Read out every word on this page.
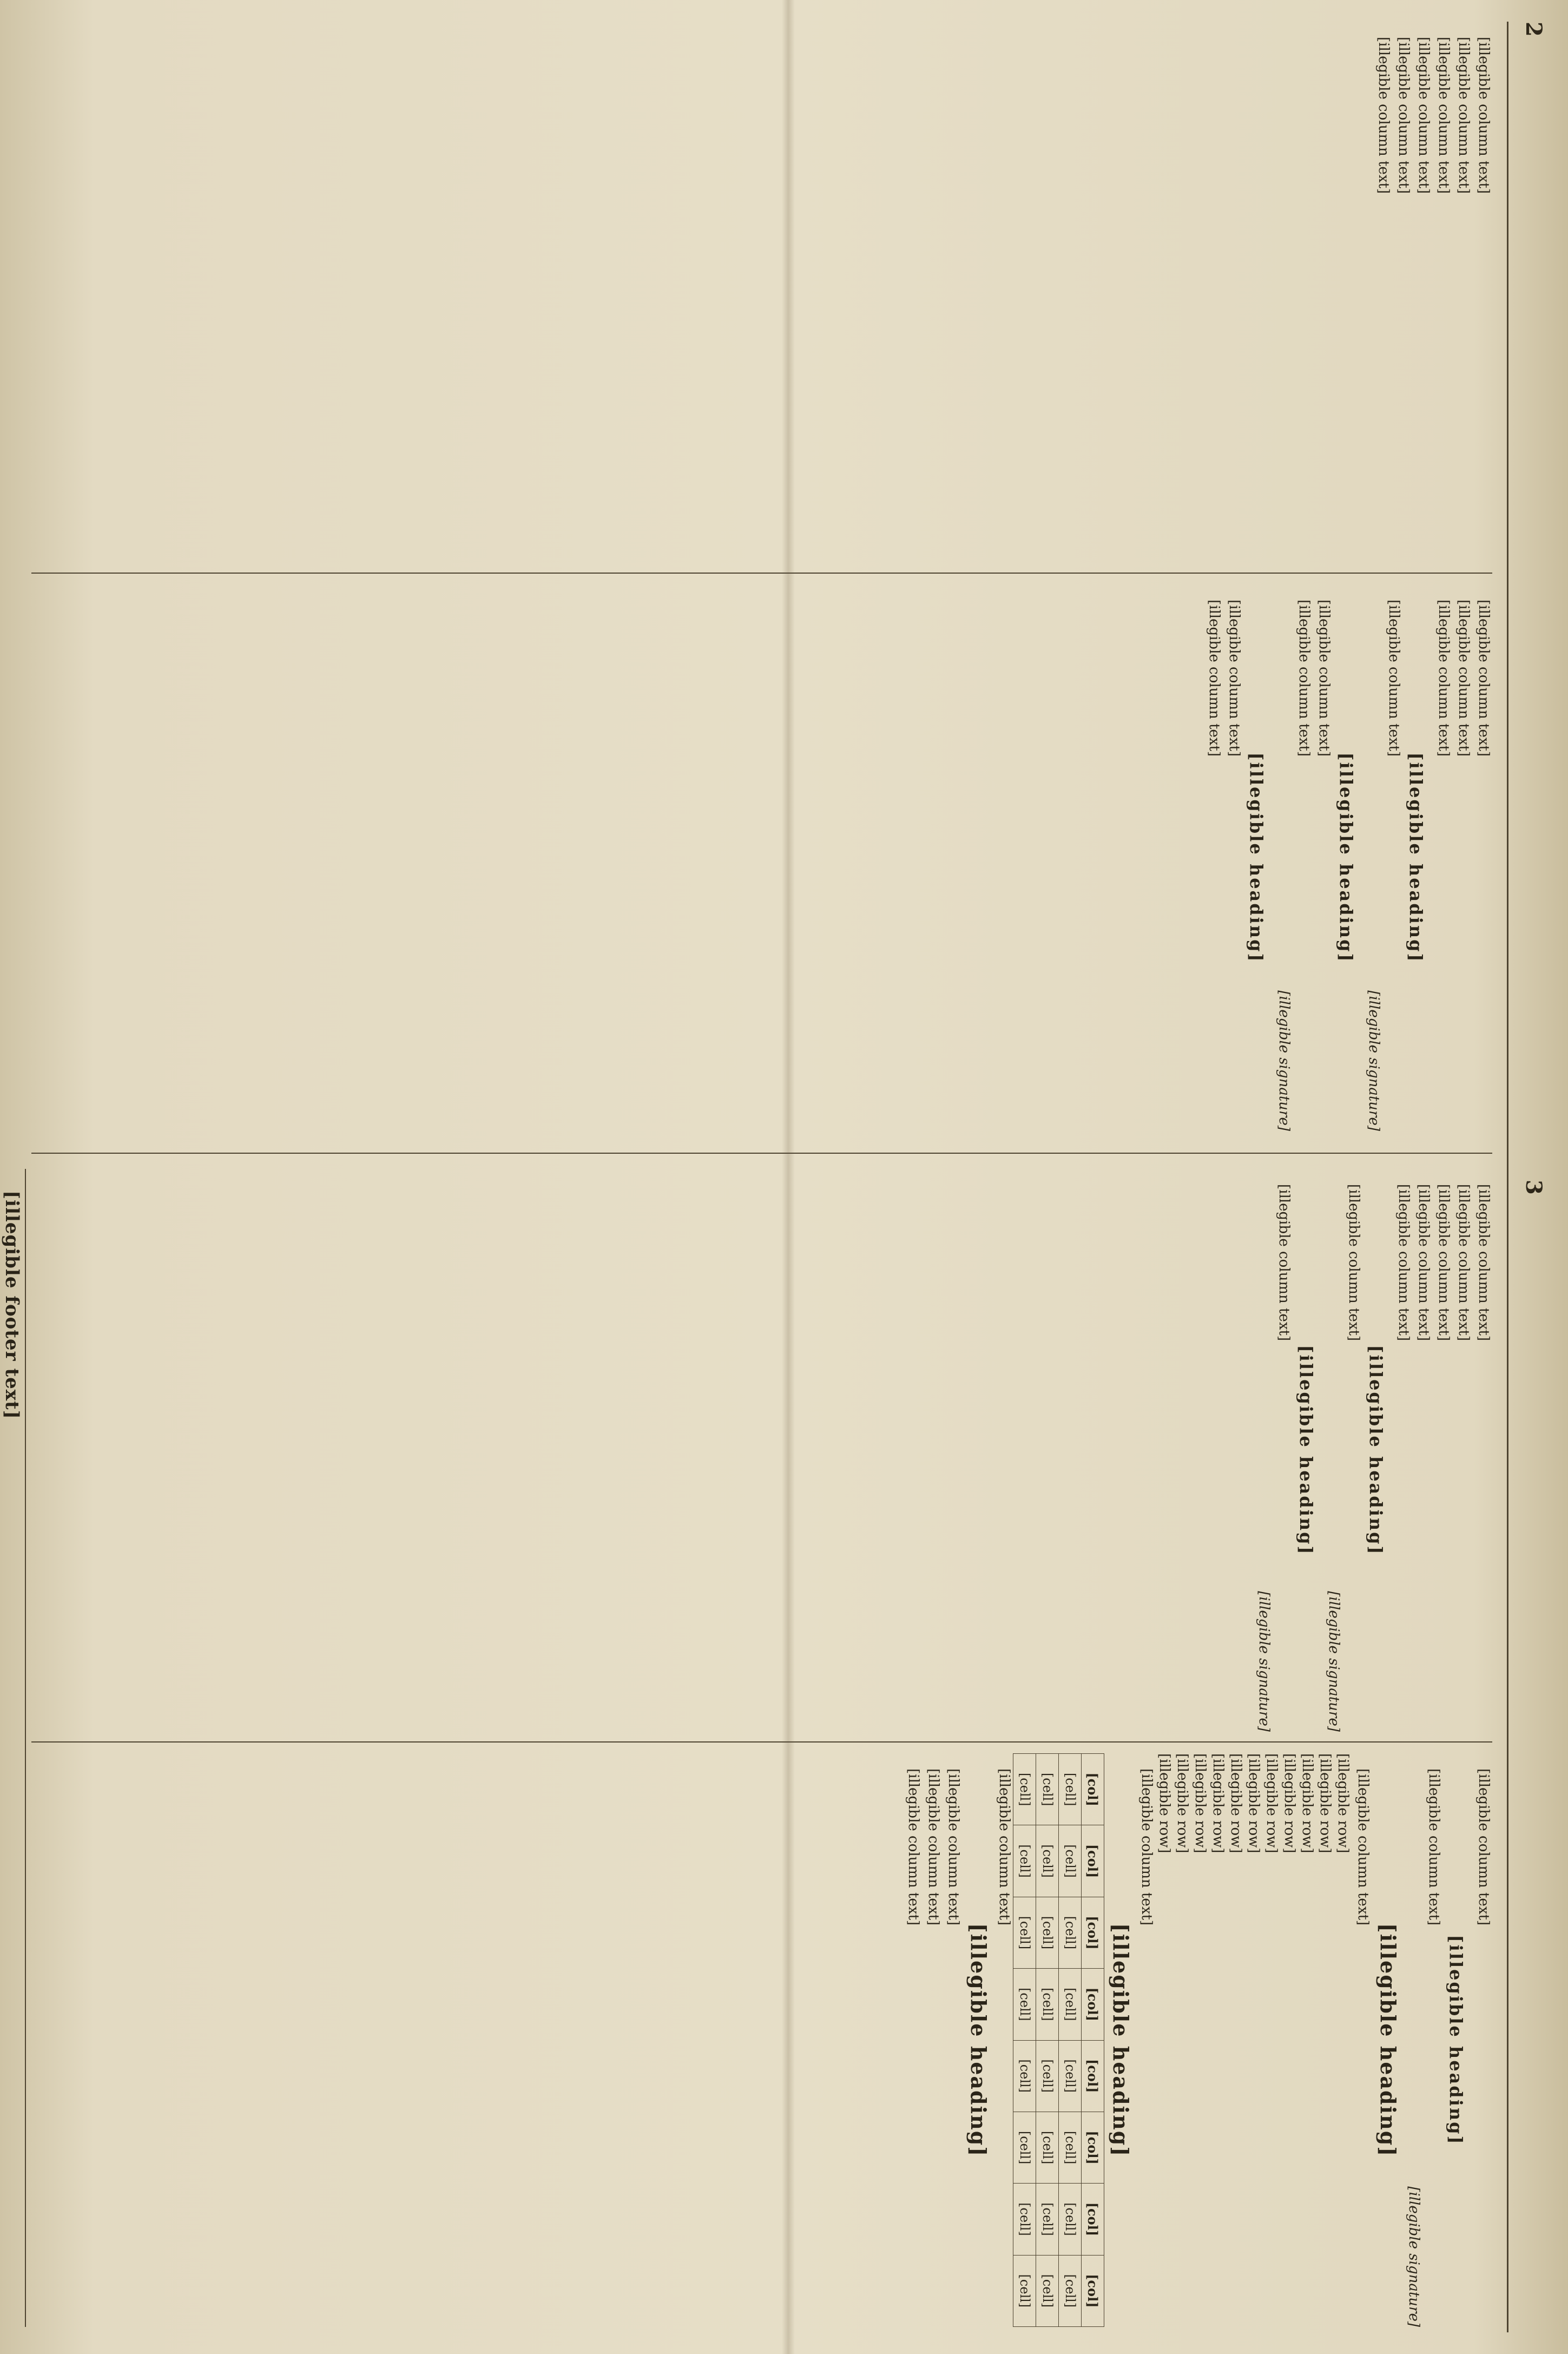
2
3

[illegible column text]

[illegible column text]

[illegible column text]

[illegible column text]

[illegible column text]

[illegible column text]

[illegible column text]

[illegible column text]

[illegible column text]

[illegible heading]

[illegible column text]

[illegible signature]
[illegible heading]

[illegible column text]

[illegible column text]

[illegible signature]
[illegible heading]

[illegible column text]

[illegible column text]

[illegible column text]

[illegible column text]

[illegible column text]

[illegible column text]

[illegible column text]

[illegible heading]

[illegible column text]

[illegible signature]
[illegible heading]

[illegible column text]

[illegible signature]

[illegible column text]

[illegible heading]

[illegible column text]

[illegible signature]
[illegible heading]

[illegible column text]

[illegible row]
[illegible row]
[illegible row]
[illegible row]
[illegible row]
[illegible row]
[illegible row]
[illegible row]
[illegible row]
[illegible row]
[illegible row]

[illegible column text]

[illegible heading]
[col]	[col]	[col]	[col]	[col]	[col]	[col]	[col]
[cell]	[cell]	[cell]	[cell]	[cell]	[cell]	[cell]	[cell]
[cell]	[cell]	[cell]	[cell]	[cell]	[cell]	[cell]	[cell]
[cell]	[cell]	[cell]	[cell]	[cell]	[cell]	[cell]	[cell]

[illegible column text]

[illegible heading]

[illegible column text]

[illegible column text]

[illegible column text]

[illegible footer text]
